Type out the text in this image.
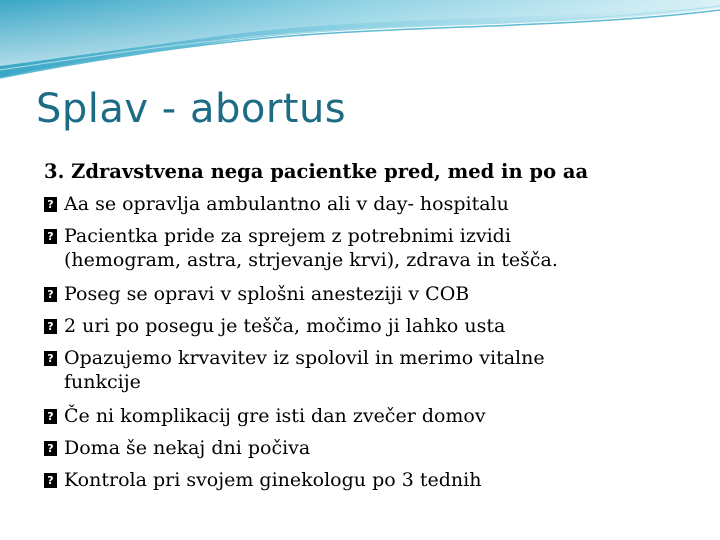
Splav - abortus

3. Zdravstvena nega pacientke pred, med in po aa

? Aa se opravlja ambulantno ali v day- hospitalu
? Pacientka pride za sprejem z potrebnimi izvidi
(hemogram, astra, strjevanje krvi), zdrava in tešča.
? Poseg se opravi v splošni anesteziji v COB
? 2 uri po posegu je tešča, močimo ji lahko usta
? Opazujemo krvavitev iz spolovil in merimo vitalne
funkcije
? Če ni komplikacij gre isti dan zvečer domov
? Doma še nekaj dni počiva
? Kontrola pri svojem ginekologu po 3 tednih
